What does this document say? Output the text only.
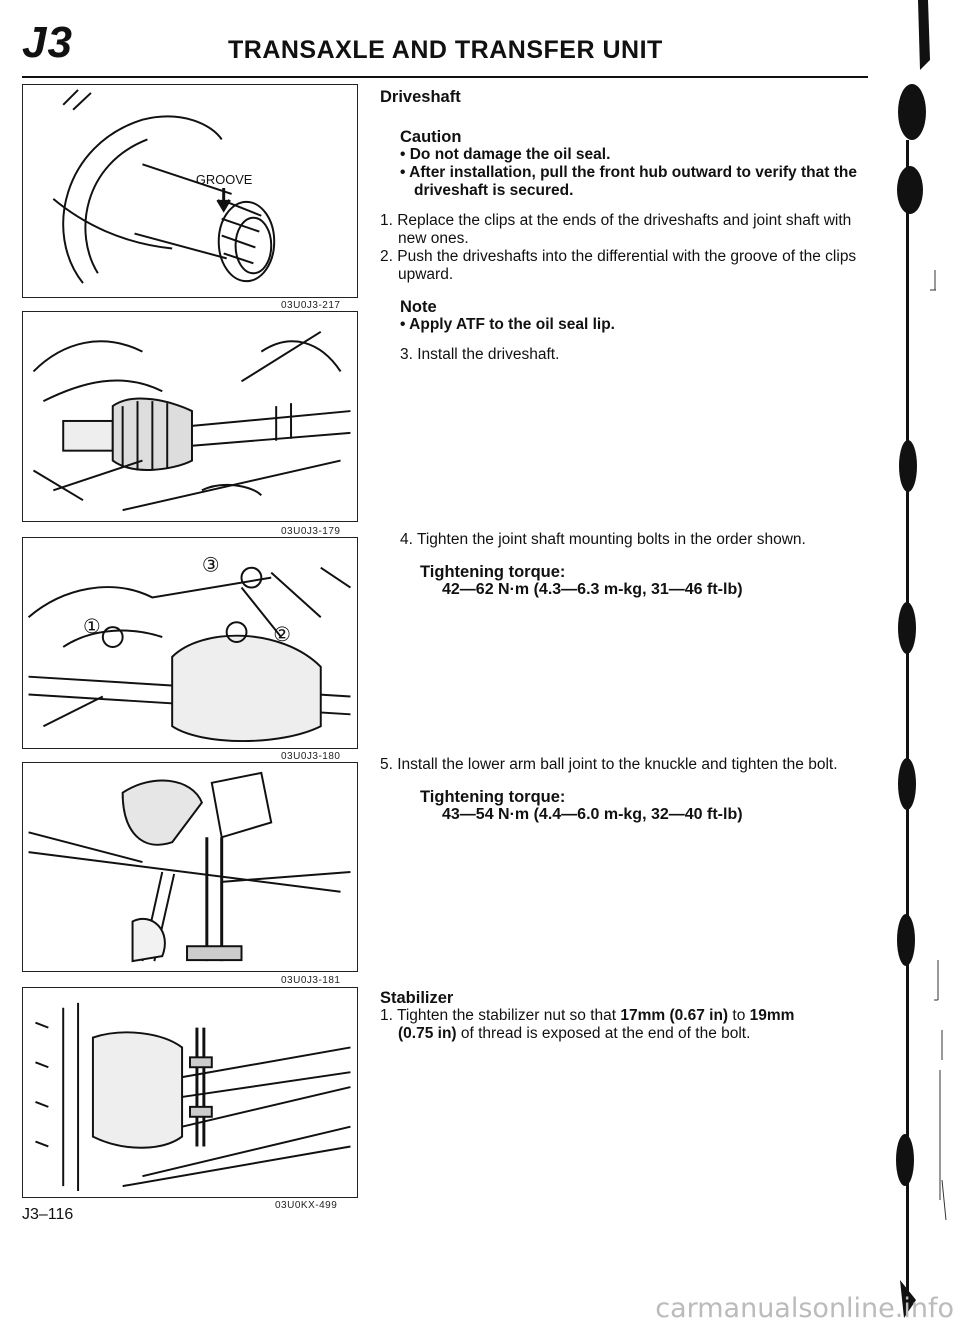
J3	TRANSAXLE AND TRANSFER UNIT
GROOVE
03U0J3-217
03U0J3-179
①
③
②
03U0J3-180
03U0J3-181
03U0KX-499
J3–116
Driveshaft
Caution
• Do not damage the oil seal.
• After installation, pull the front hub outward to verify that the driveshaft is secured.
1. Replace the clips at the ends of the driveshafts and joint shaft with new ones.
2. Push the driveshafts into the differential with the groove of the clips upward.
Note
• Apply ATF to the oil seal lip.
3. Install the driveshaft.
4. Tighten the joint shaft mounting bolts in the order shown.
Tightening torque:
42—62 N·m (4.3—6.3 m-kg, 31—46 ft-lb)
5. Install the lower arm ball joint to the knuckle and tighten the bolt.
Tightening torque:
43—54 N·m (4.4—6.0 m-kg, 32—40 ft-lb)
Stabilizer
1. Tighten the stabilizer nut so that 17mm (0.67 in) to 19mm
(0.75 in) of thread is exposed at the end of the bolt.
carmanualsonline.info
